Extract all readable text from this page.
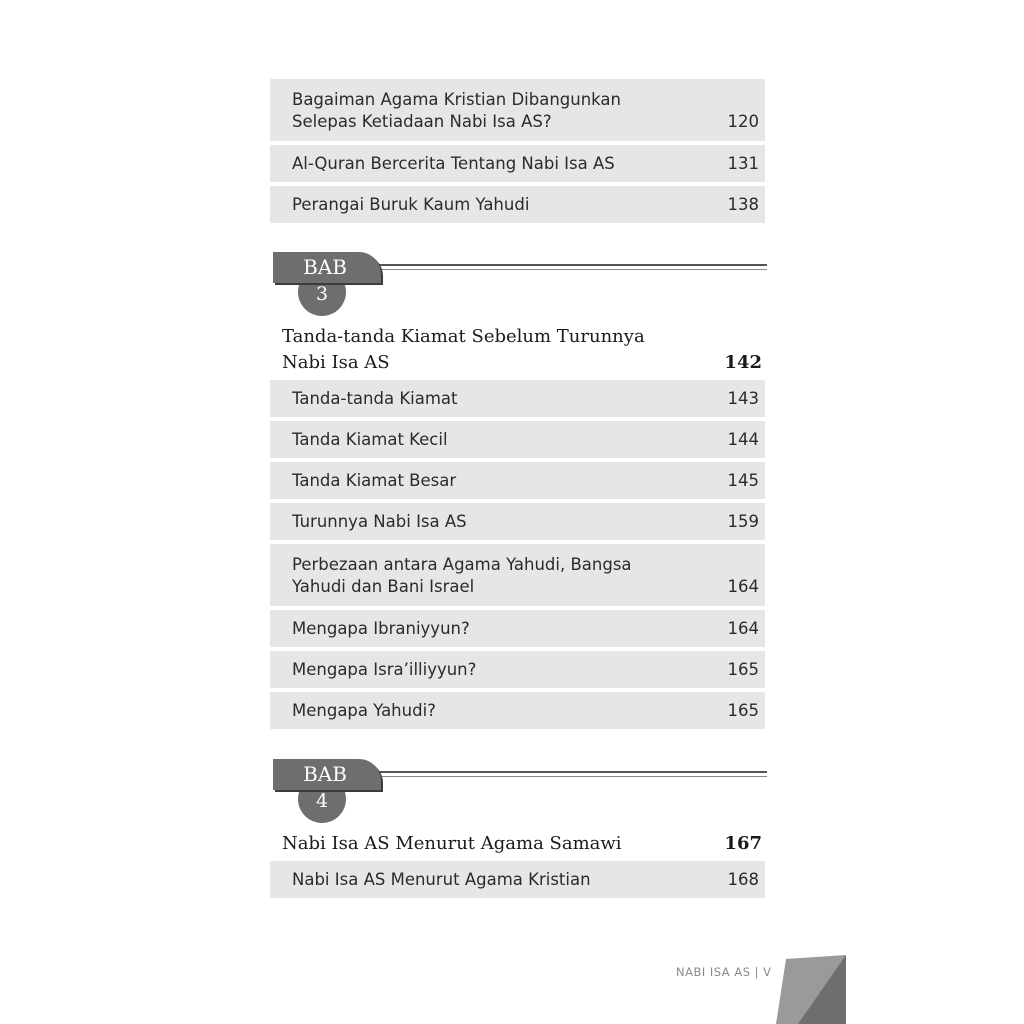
Bagaiman Agama Kristian Dibangunkan
Selepas Ketiadaan Nabi Isa AS?	120
Al-Quran Bercerita Tentang Nabi Isa AS	131
Perangai Buruk Kaum Yahudi	138
BAB
3
Tanda-tanda Kiamat Sebelum Turunnya
Nabi Isa AS	142
Tanda-tanda Kiamat	143
Tanda Kiamat Kecil	144
Tanda Kiamat Besar	145
Turunnya Nabi Isa AS	159
Perbezaan antara Agama Yahudi, Bangsa
Yahudi dan Bani Israel	164
Mengapa Ibraniyyun?	164
Mengapa Isra’illiyyun?	165
Mengapa Yahudi?	165
BAB
4
Nabi Isa AS Menurut Agama Samawi	167
Nabi Isa AS Menurut Agama Kristian	168
NABI ISA AS | V
